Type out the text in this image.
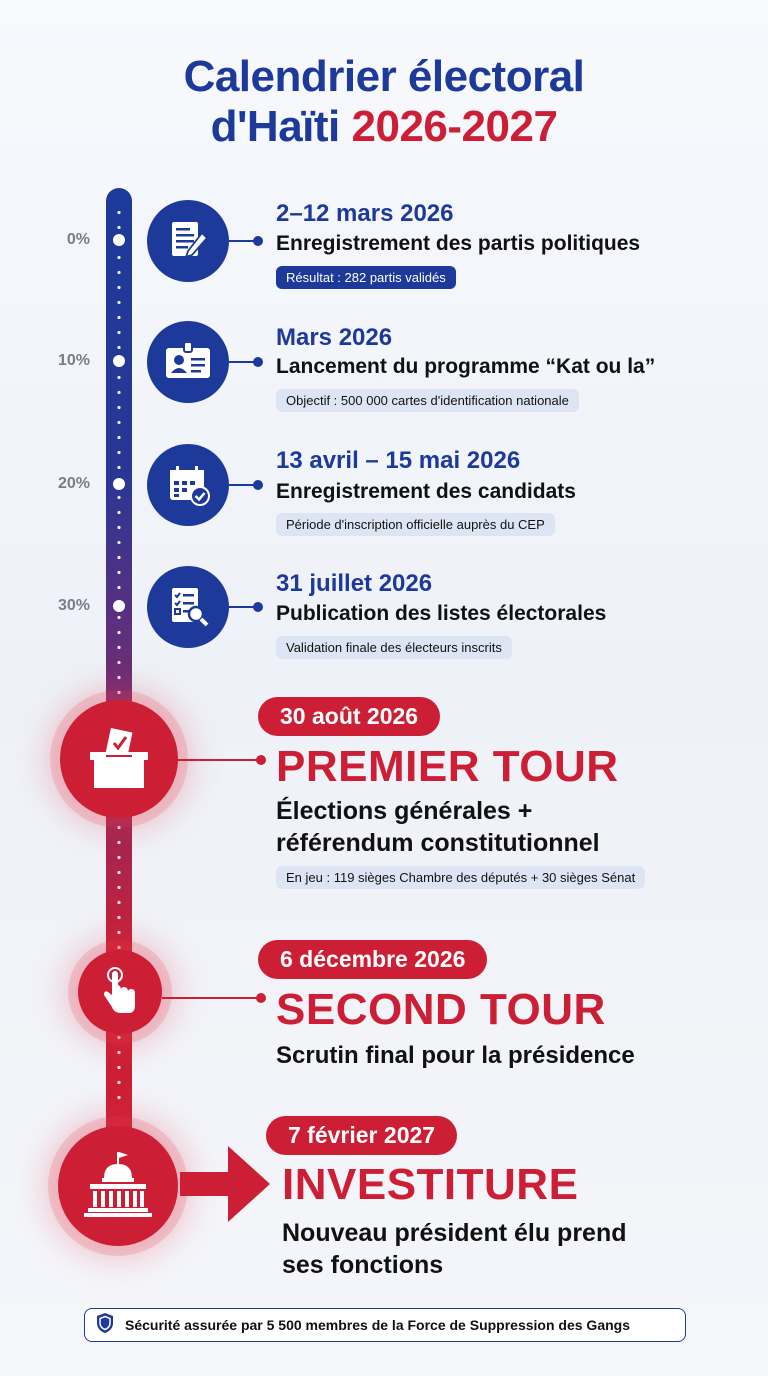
Calendrier électoral
d'Haïti 2026-2027
0%
10%
20%
30%
2–12 mars 2026
Enregistrement des partis politiques
Résultat : 282 partis validés
Mars 2026
Lancement du programme “Kat ou la”
Objectif : 500 000 cartes d'identification nationale
13 avril – 15 mai 2026
Enregistrement des candidats
Période d'inscription officielle auprès du CEP
31 juillet 2026
Publication des listes électorales
Validation finale des électeurs inscrits
30 août 2026
PREMIER TOUR
Élections générales +
référendum constitutionnel
En jeu : 119 sièges Chambre des députés + 30 sièges Sénat
6 décembre 2026
SECOND TOUR
Scrutin final pour la présidence
7 février 2027
INVESTITURE
Nouveau président élu prend
ses fonctions
Sécurité assurée par 5 500 membres de la Force de Suppression des Gangs
